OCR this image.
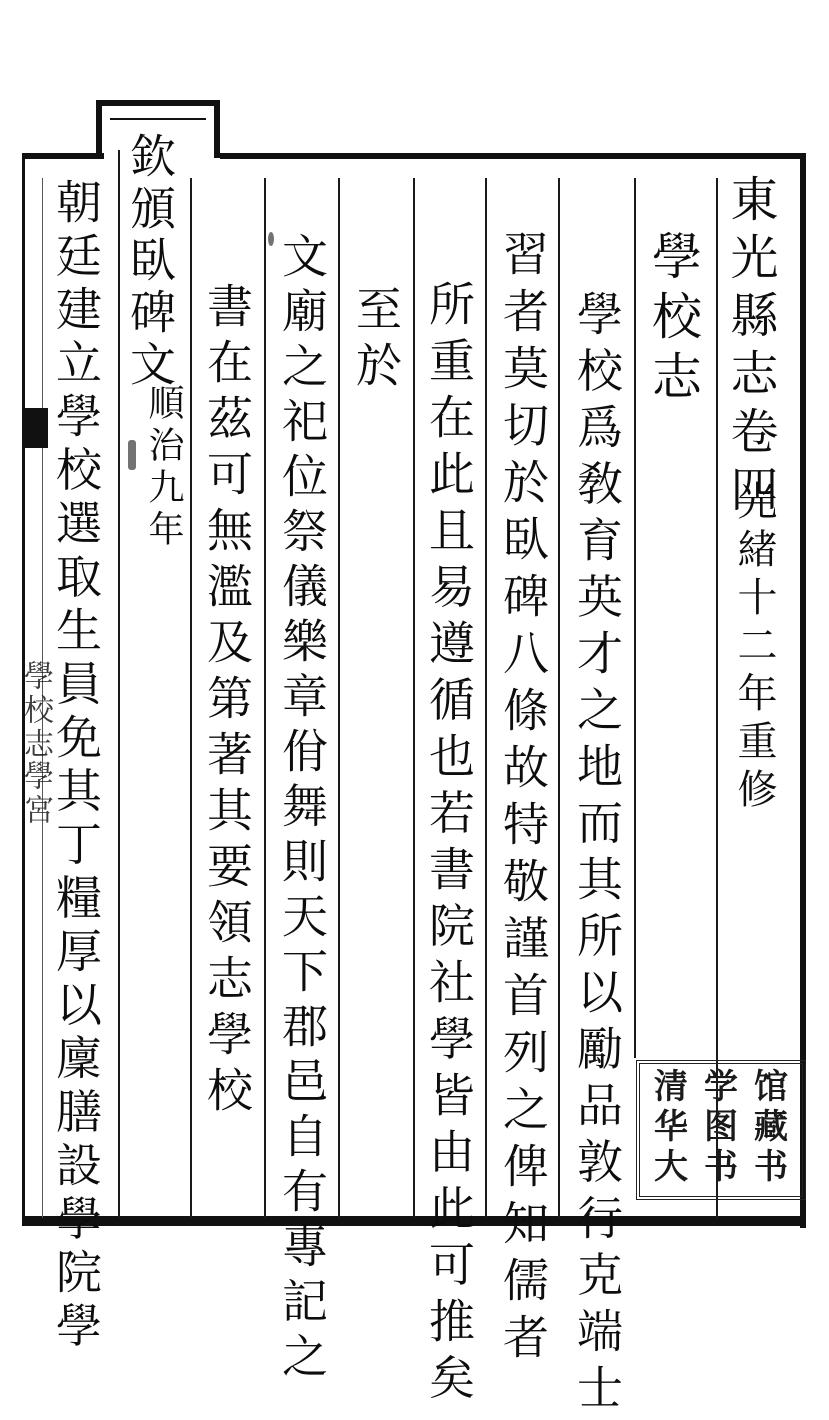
學校志
學宮
東光縣志卷四
光緒十二年重修
學校志
學校爲敎育英才之地而其所以勵品敦行克端士
習者莫切於臥碑八條故特敬謹首列之俾知儒者
所重在此且易遵循也若書院社學皆由此可推矣
至於
文廟之祀位祭儀樂章佾舞則天下郡邑自有專記之
書在茲可無濫及第著其要領志學校
欽頒臥碑文
順治九年
朝廷建立學校選取生員免其丁糧厚以廩膳設學院學	清 学 馆
华 图 藏
大 书 书
